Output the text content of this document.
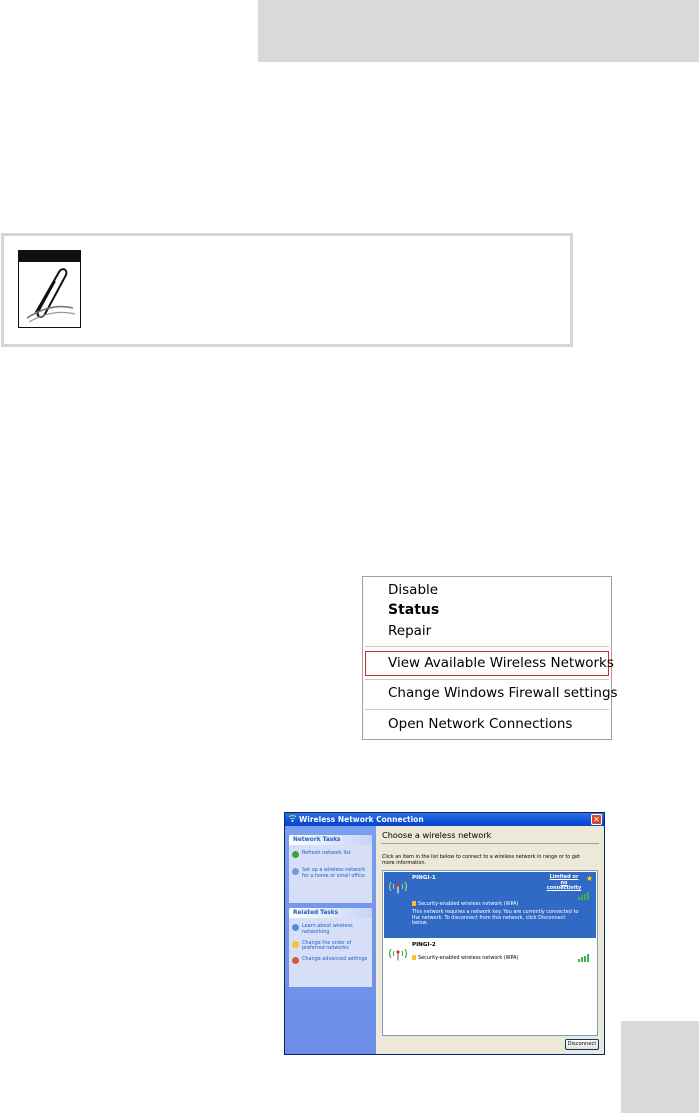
Disable
Status
Repair
View Available Wireless Networks
Change Windows Firewall settings
Open Network Connections
Wireless Network Connection	✕
Network Tasks
Refresh network list
Set up a wireless network for a home or small office
Related Tasks
Learn about wireless networking
Change the order of preferred networks
Change advanced settings
Choose a wireless network
Click an item in the list below to connect to a wireless network in range or to get more information.
PINGI-1
Security-enabled wireless network (WPA)
This network requires a network key. You are currently connected to the network. To disconnect from this network, click Disconnect below.
Limited or no connectivity
★
PINGI-2
Security-enabled wireless network (WPA)
Disconnect
